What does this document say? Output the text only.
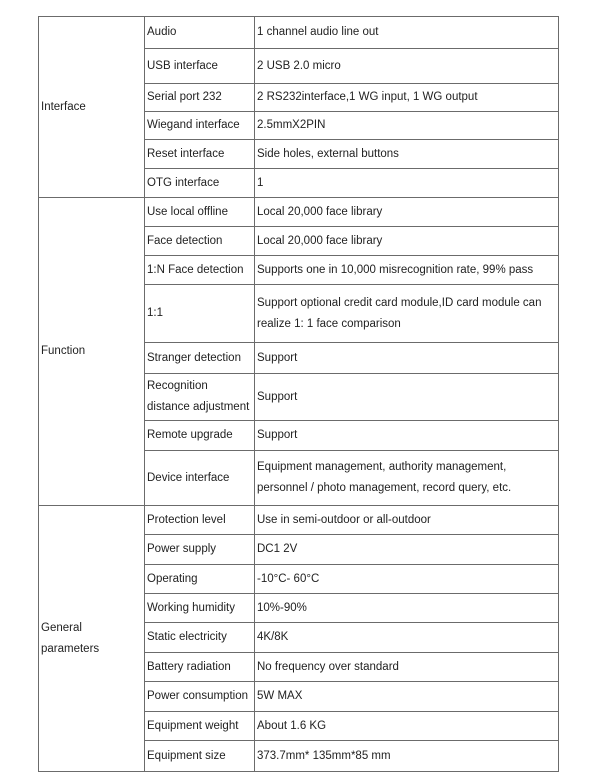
Interface	Audio	1 channel audio line out
	USB interface	2 USB 2.0 micro
	Serial port 232	2 RS232interface,1 WG input, 1 WG output
	Wiegand interface	2.5mmX2PIN
	Reset interface	Side holes, external buttons
	OTG interface	1
Function	Use local offline	Local 20,000 face library
	Face detection	Local 20,000 face library
	1:N Face detection	Supports one in 10,000 misrecognition rate, 99% pass
	1:1	Support optional credit card module,ID card module can realize 1: 1 face comparison
	Stranger detection	Support
	Recognition distance adjustment	Support
	Remote upgrade	Support
	Device interface	Equipment management, authority management, personnel / photo management, record query, etc.
General parameters	Protection level	Use in semi-outdoor or all-outdoor
	Power supply	DC1 2V
	Operating	-10°C- 60°C
	Working humidity	10%-90%
	Static electricity	4K/8K
	Battery radiation	No frequency over standard
	Power consumption	5W MAX
	Equipment weight	About 1.6 KG
	Equipment size	373.7mm* 135mm*85 mm
